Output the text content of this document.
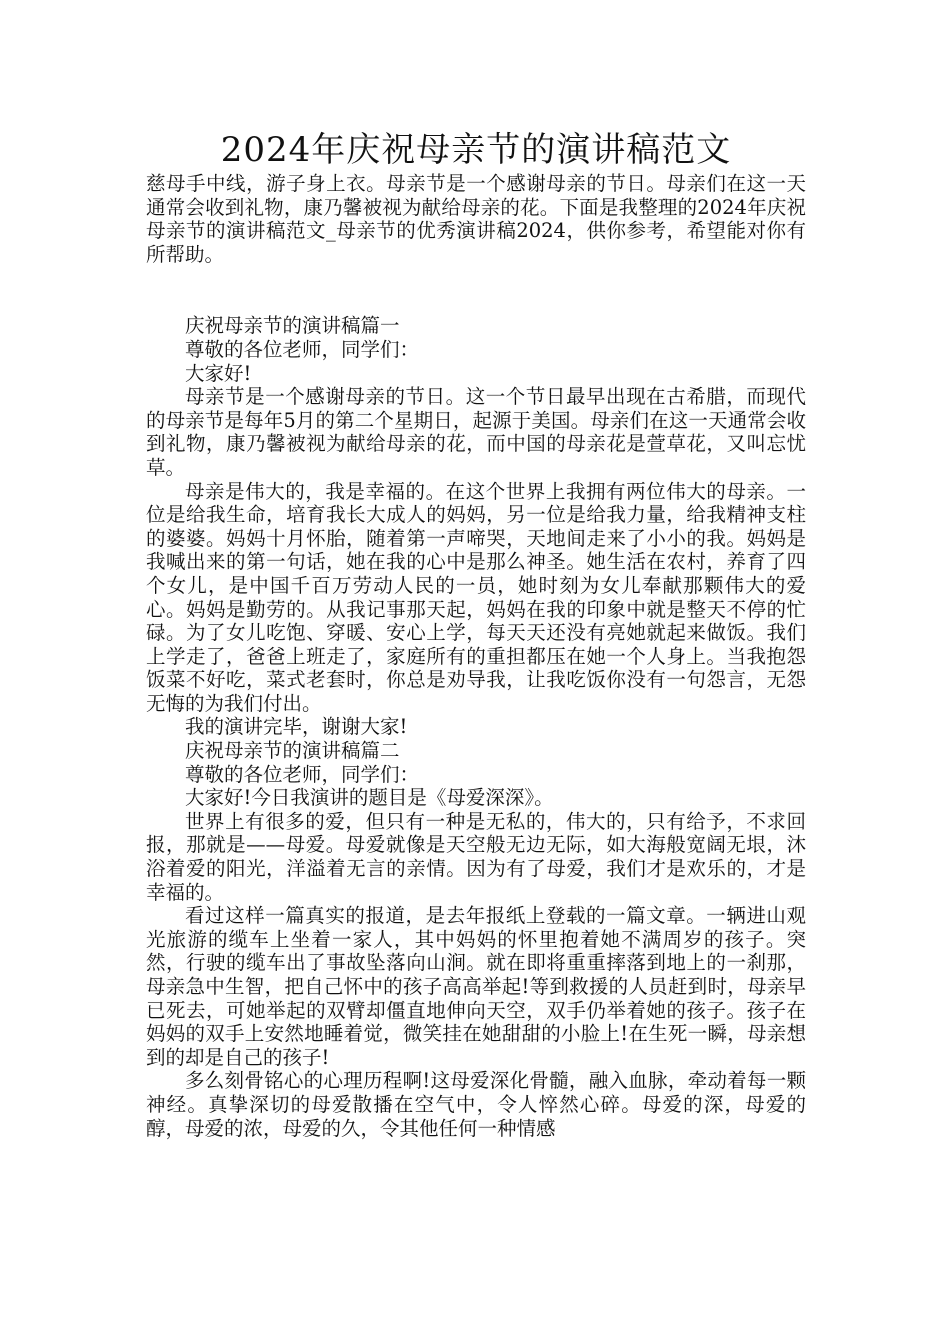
2024年庆祝母亲节的演讲稿范文

慈母手中线，游子身上衣。母亲节是一个感谢母亲的节日。母亲们在这一天通常会收到礼物，康乃馨被视为献给母亲的花。下面是我整理的2024年庆祝母亲节的演讲稿范文_母亲节的优秀演讲稿2024，供你参考，希望能对你有所帮助。

庆祝母亲节的演讲稿篇一

尊敬的各位老师，同学们：

大家好!

母亲节是一个感谢母亲的节日。这一个节日最早出现在古希腊，而现代的母亲节是每年5月的第二个星期日，起源于美国。母亲们在这一天通常会收到礼物，康乃馨被视为献给母亲的花，而中国的母亲花是萱草花，又叫忘忧草。

母亲是伟大的，我是幸福的。在这个世界上我拥有两位伟大的母亲。一位是给我生命，培育我长大成人的妈妈，另一位是给我力量，给我精神支柱的婆婆。妈妈十月怀胎，随着第一声啼哭，天地间走来了小小的我。妈妈是我喊出来的第一句话，她在我的心中是那么神圣。她生活在农村，养育了四个女儿，是中国千百万劳动人民的一员，她时刻为女儿奉献那颗伟大的爱心。妈妈是勤劳的。从我记事那天起，妈妈在我的印象中就是整天不停的忙碌。为了女儿吃饱、穿暖、安心上学，每天天还没有亮她就起来做饭。我们上学走了，爸爸上班走了，家庭所有的重担都压在她一个人身上。当我抱怨饭菜不好吃，菜式老套时，你总是劝导我，让我吃饭你没有一句怨言，无怨无悔的为我们付出。

我的演讲完毕，谢谢大家!

庆祝母亲节的演讲稿篇二

尊敬的各位老师，同学们：

大家好!今日我演讲的题目是《母爱深深》。

世界上有很多的爱，但只有一种是无私的，伟大的，只有给予，不求回报，那就是——母爱。母爱就像是天空般无边无际，如大海般宽阔无垠，沐浴着爱的阳光，洋溢着无言的亲情。因为有了母爱，我们才是欢乐的，才是幸福的。

看过这样一篇真实的报道，是去年报纸上登载的一篇文章。一辆进山观光旅游的缆车上坐着一家人，其中妈妈的怀里抱着她不满周岁的孩子。突然，行驶的缆车出了事故坠落向山涧。就在即将重重摔落到地上的一刹那，母亲急中生智，把自己怀中的孩子高高举起!等到救援的人员赶到时，母亲早已死去，可她举起的双臂却僵直地伸向天空，双手仍举着她的孩子。孩子在妈妈的双手上安然地睡着觉，微笑挂在她甜甜的小脸上!在生死一瞬，母亲想到的却是自己的孩子!

多么刻骨铭心的心理历程啊!这母爱深化骨髓，融入血脉，牵动着每一颗神经。真挚深切的母爱散播在空气中，令人悴然心碎。母爱的深，母爱的醇，母爱的浓，母爱的久，令其他任何一种情感
